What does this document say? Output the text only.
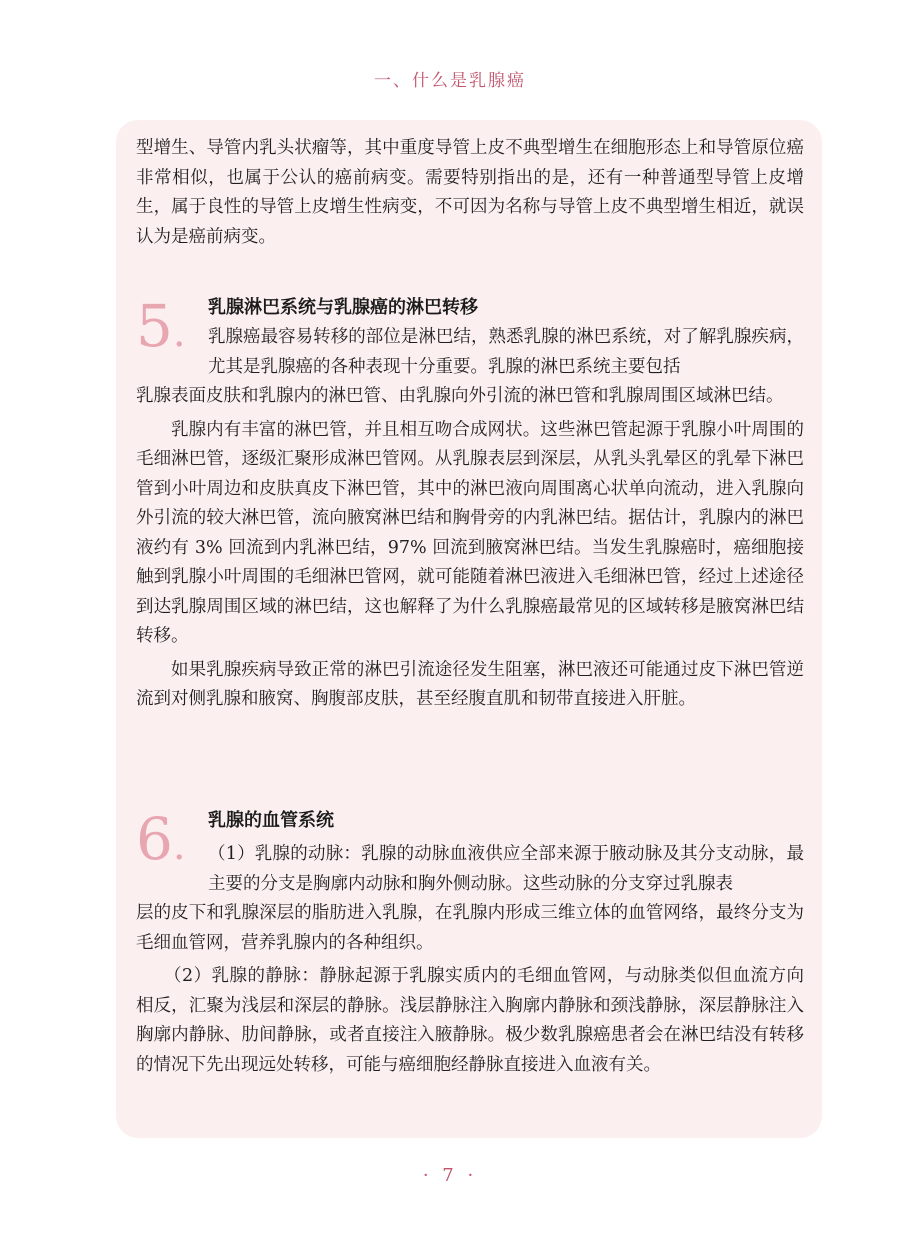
一、什么是乳腺癌

型增生、导管内乳头状瘤等，其中重度导管上皮不典型增生在细胞形态上和导管原位癌非常相似，也属于公认的癌前病变。需要特别指出的是，还有一种普通型导管上皮增生，属于良性的导管上皮增生性病变，不可因为名称与导管上皮不典型增生相近，就误认为是癌前病变。

5.
乳腺淋巴系统与乳腺癌的淋巴转移

乳腺癌最容易转移的部位是淋巴结，熟悉乳腺的淋巴系统，对了解乳腺疾病，尤其是乳腺癌的各种表现十分重要。乳腺的淋巴系统主要包括

乳腺表面皮肤和乳腺内的淋巴管、由乳腺向外引流的淋巴管和乳腺周围区域淋巴结。

乳腺内有丰富的淋巴管，并且相互吻合成网状。这些淋巴管起源于乳腺小叶周围的毛细淋巴管，逐级汇聚形成淋巴管网。从乳腺表层到深层，从乳头乳晕区的乳晕下淋巴管到小叶周边和皮肤真皮下淋巴管，其中的淋巴液向周围离心状单向流动，进入乳腺向外引流的较大淋巴管，流向腋窝淋巴结和胸骨旁的内乳淋巴结。据估计，乳腺内的淋巴液约有 3% 回流到内乳淋巴结，97% 回流到腋窝淋巴结。当发生乳腺癌时，癌细胞接触到乳腺小叶周围的毛细淋巴管网，就可能随着淋巴液进入毛细淋巴管，经过上述途径到达乳腺周围区域的淋巴结，这也解释了为什么乳腺癌最常见的区域转移是腋窝淋巴结转移。

如果乳腺疾病导致正常的淋巴引流途径发生阻塞，淋巴液还可能通过皮下淋巴管逆流到对侧乳腺和腋窝、胸腹部皮肤，甚至经腹直肌和韧带直接进入肝脏。

6.
乳腺的血管系统

（1）乳腺的动脉：乳腺的动脉血液供应全部来源于腋动脉及其分支动脉，最主要的分支是胸廓内动脉和胸外侧动脉。这些动脉的分支穿过乳腺表

层的皮下和乳腺深层的脂肪进入乳腺，在乳腺内形成三维立体的血管网络，最终分支为毛细血管网，营养乳腺内的各种组织。

（2）乳腺的静脉：静脉起源于乳腺实质内的毛细血管网，与动脉类似但血流方向相反，汇聚为浅层和深层的静脉。浅层静脉注入胸廓内静脉和颈浅静脉，深层静脉注入胸廓内静脉、肋间静脉，或者直接注入腋静脉。极少数乳腺癌患者会在淋巴结没有转移的情况下先出现远处转移，可能与癌细胞经静脉直接进入血液有关。

· 7 ·
